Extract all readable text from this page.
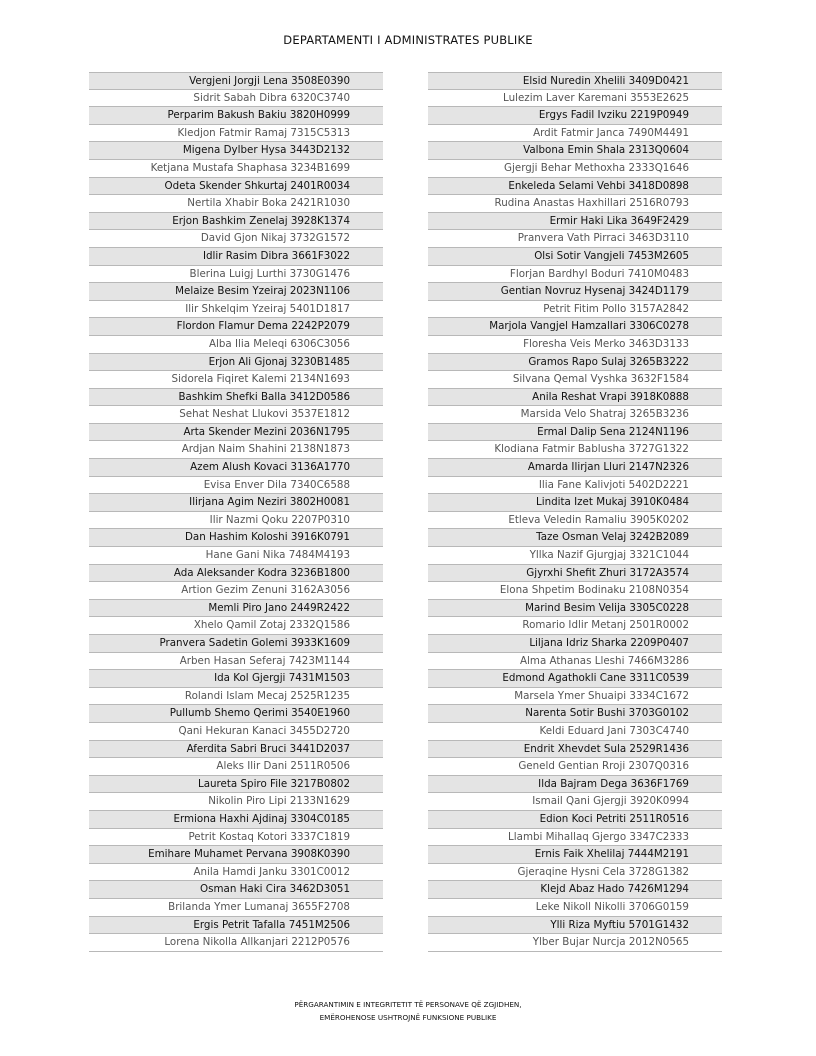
DEPARTAMENTI I ADMINISTRATES PUBLIKE
Vergjeni Jorgji Lena 3508E0390
Sidrit Sabah Dibra 6320C3740
Perparim Bakush Bakiu 3820H0999
Kledjon Fatmir Ramaj 7315C5313
Migena Dylber Hysa 3443D2132
Ketjana Mustafa Shaphasa 3234B1699
Odeta Skender Shkurtaj 2401R0034
Nertila Xhabir Boka 2421R1030
Erjon Bashkim Zenelaj 3928K1374
David Gjon Nikaj 3732G1572
Idlir Rasim Dibra 3661F3022
Blerina Luigj Lurthi 3730G1476
Melaize Besim Yzeiraj 2023N1106
Ilir Shkelqim Yzeiraj 5401D1817
Flordon Flamur Dema 2242P2079
Alba Ilia Meleqi 6306C3056
Erjon Ali Gjonaj 3230B1485
Sidorela Fiqiret Kalemi 2134N1693
Bashkim Shefki Balla 3412D0586
Sehat Neshat Llukovi 3537E1812
Arta Skender Mezini 2036N1795
Ardjan Naim Shahini 2138N1873
Azem Alush Kovaci 3136A1770
Evisa Enver Dila 7340C6588
Ilirjana Agim Neziri 3802H0081
Ilir Nazmi Qoku 2207P0310
Dan Hashim Koloshi 3916K0791
Hane Gani Nika 7484M4193
Ada Aleksander Kodra 3236B1800
Artion Gezim Zenuni 3162A3056
Memli Piro Jano 2449R2422
Xhelo Qamil Zotaj 2332Q1586
Pranvera Sadetin Golemi 3933K1609
Arben Hasan Seferaj 7423M1144
Ida Kol Gjergji 7431M1503
Rolandi Islam Mecaj 2525R1235
Pullumb Shemo Qerimi 3540E1960
Qani Hekuran Kanaci 3455D2720
Aferdita Sabri Bruci 3441D2037
Aleks Ilir Dani 2511R0506
Laureta Spiro File 3217B0802
Nikolin Piro Lipi 2133N1629
Ermiona Haxhi Ajdinaj 3304C0185
Petrit Kostaq Kotori 3337C1819
Emihare Muhamet Pervana 3908K0390
Anila Hamdi Janku 3301C0012
Osman Haki Cira 3462D3051
Brilanda Ymer Lumanaj 3655F2708
Ergis Petrit Tafalla 7451M2506
Lorena Nikolla Allkanjari 2212P0576
Elsid Nuredin Xhelili 3409D0421
Lulezim Laver Karemani 3553E2625
Ergys Fadil Ivziku 2219P0949
Ardit Fatmir Janca 7490M4491
Valbona Emin Shala 2313Q0604
Gjergji Behar Methoxha 2333Q1646
Enkeleda Selami Vehbi 3418D0898
Rudina Anastas Haxhillari 2516R0793
Ermir Haki Lika 3649F2429
Pranvera Vath Pirraci 3463D3110
Olsi Sotir Vangjeli 7453M2605
Florjan Bardhyl Boduri 7410M0483
Gentian Novruz Hysenaj 3424D1179
Petrit Fitim Pollo 3157A2842
Marjola Vangjel Hamzallari 3306C0278
Floresha Veis Merko 3463D3133
Gramos Rapo Sulaj 3265B3222
Silvana Qemal Vyshka 3632F1584
Anila Reshat Vrapi 3918K0888
Marsida Velo Shatraj 3265B3236
Ermal Dalip Sena 2124N1196
Klodiana Fatmir Bablusha 3727G1322
Amarda Ilirjan Lluri 2147N2326
Ilia Fane Kalivjoti 5402D2221
Lindita Izet Mukaj 3910K0484
Etleva Veledin Ramaliu 3905K0202
Taze Osman Velaj 3242B2089
Yllka Nazif Gjurgjaj 3321C1044
Gjyrxhi Shefit Zhuri 3172A3574
Elona Shpetim Bodinaku 2108N0354
Marind Besim Velija 3305C0228
Romario Idlir Metanj 2501R0002
Liljana Idriz Sharka 2209P0407
Alma Athanas Lleshi 7466M3286
Edmond Agathokli Cane 3311C0539
Marsela Ymer Shuaipi 3334C1672
Narenta Sotir Bushi 3703G0102
Keldi Eduard Jani 7303C4740
Endrit Xhevdet Sula 2529R1436
Geneld Gentian Rroji 2307Q0316
Ilda Bajram Dega 3636F1769
Ismail Qani Gjergji 3920K0994
Edion Koci Petriti 2511R0516
Llambi Mihallaq Gjergo 3347C2333
Ernis Faik Xhelilaj 7444M2191
Gjeraqine Hysni Cela 3728G1382
Klejd Abaz Hado 7426M1294
Leke Nikoll Nikolli 3706G0159
Ylli Riza Myftiu 5701G1432
Ylber Bujar Nurcja 2012N0565
PËRGARANTIMIN E INTEGRITETIT TË PERSONAVE QË ZGJIDHEN,
EMËROHENOSE USHTROJNË FUNKSIONE PUBLIKE
